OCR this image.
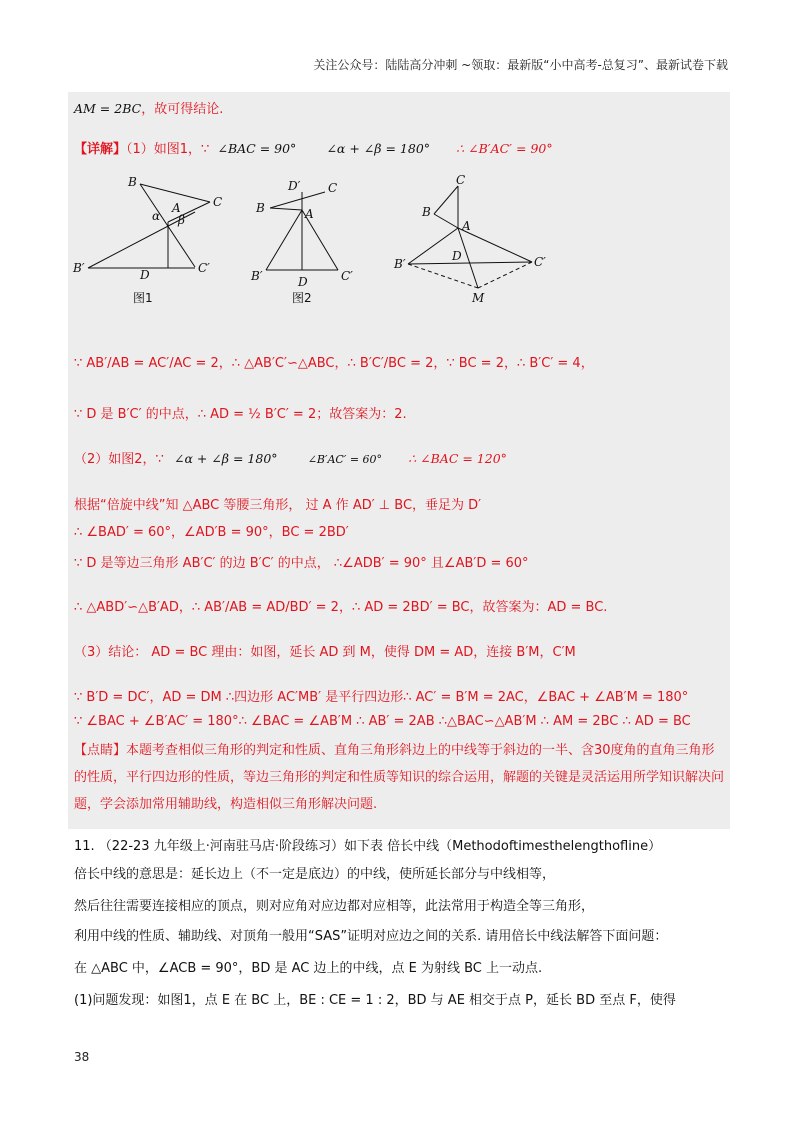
关注公众号：陆陆高分冲刺 ~领取：最新版“小中高考-总复习”、最新试卷下载
AM = 2BC，故可得结论.
【详解】（1）如图1，∵ ∠BAC = 90° ∠α + ∠β = 180° ∴ ∠B′AC′ = 90°
B
C
A
α β
B′	C′
D
图1
D′ C
B	A
B′	C′
D
图2
C
B
A
D
B′	C′
M
∵ AB′/AB = AC′/AC = 2，∴ △AB′C′∽△ABC，∴ B′C′/BC = 2，∵ BC = 2，∴ B′C′ = 4，
∵ D 是 B′C′ 的中点，∴ AD = ½ B′C′ = 2；故答案为：2.
（2）如图2，∵ ∠α + ∠β = 180°	∠B′AC′ = 60° ∴ ∠BAC = 120°
根据“倍旋中线”知 △ABC 等腰三角形， 过 A 作 AD′ ⊥ BC，垂足为 D′
∴ ∠BAD′ = 60°，∠AD′B = 90°，BC = 2BD′
∵ D 是等边三角形 AB′C′ 的边 B′C′ 的中点， ∴∠ADB′ = 90° 且∠AB′D = 60°
∴ △ABD′∽△B′AD，∴ AB′/AB = AD/BD′ = 2，∴ AD = 2BD′ = BC，故答案为：AD = BC.
（3）结论： AD = BC 理由：如图，延长 AD 到 M，使得 DM = AD，连接 B′M，C′M
∵ B′D = DC′，AD = DM ∴四边形 AC′MB′ 是平行四边形∴ AC′ = B′M = 2AC，∠BAC + ∠AB′M = 180°
∵ ∠BAC + ∠B′AC′ = 180°∴ ∠BAC = ∠AB′M ∴ AB′ = 2AB ∴△BAC∽△AB′M ∴ AM = 2BC ∴ AD = BC
【点睛】本题考查相似三角形的判定和性质、直角三角形斜边上的中线等于斜边的一半、含30度角的直角三角形的性质，平行四边形的性质，等边三角形的判定和性质等知识的综合运用，解题的关键是灵活运用所学知识解决问题，学会添加常用辅助线，构造相似三角形解决问题.
11. （22-23 九年级上·河南驻马店·阶段练习）如下表 倍长中线（Methodoftimesthelengthofline）
倍长中线的意思是：延长边上（不一定是底边）的中线，使所延长部分与中线相等，
然后往往需要连接相应的顶点，则对应角对应边都对应相等，此法常用于构造全等三角形，
利用中线的性质、辅助线、对顶角一般用“SAS”证明对应边之间的关系. 请用倍长中线法解答下面问题：
在 △ABC 中，∠ACB = 90°，BD 是 AC 边上的中线，点 E 为射线 BC 上一动点.
(1)问题发现：如图1，点 E 在 BC 上，BE : CE = 1 : 2，BD 与 AE 相交于点 P，延长 BD 至点 F，使得
38
